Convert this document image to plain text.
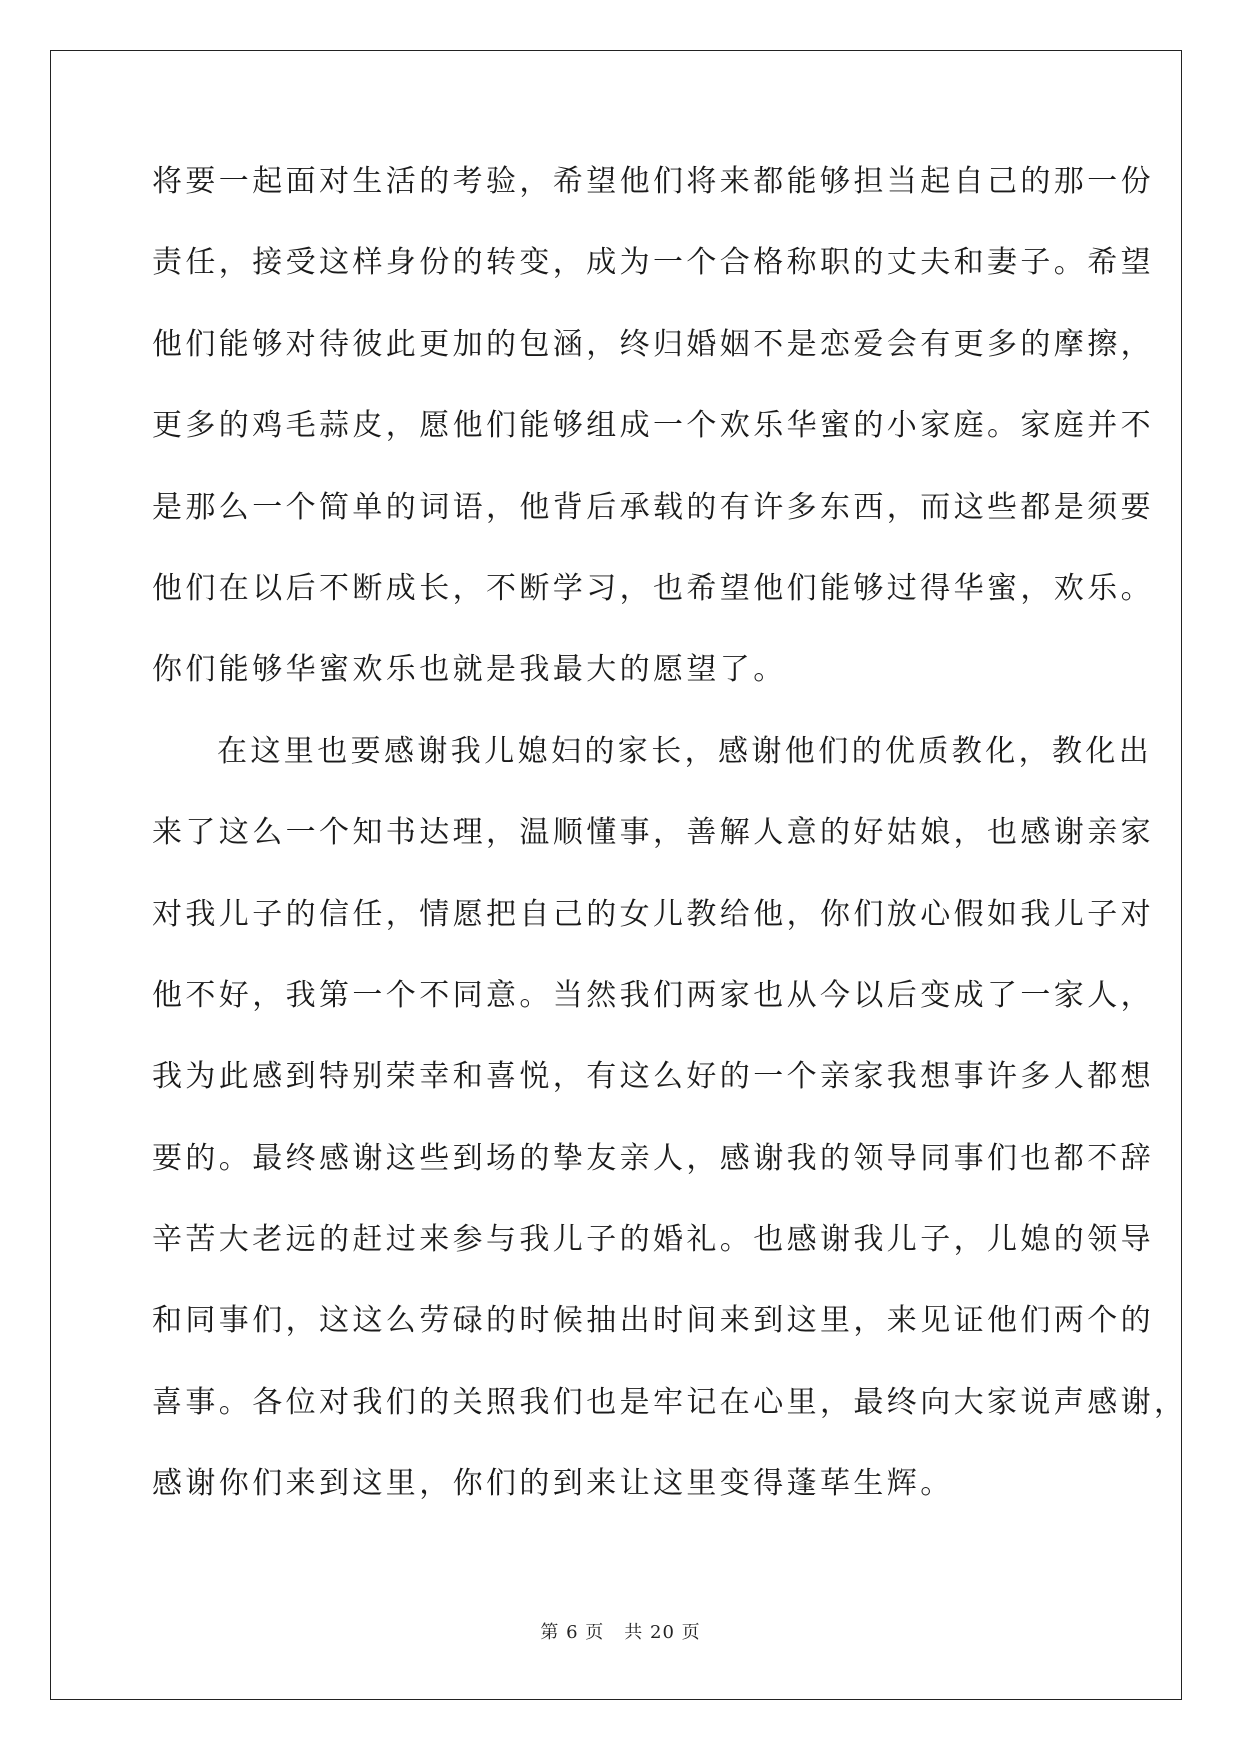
将要一起面对生活的考验，希望他们将来都能够担当起自己的那一份
责任，接受这样身份的转变，成为一个合格称职的丈夫和妻子。希望
他们能够对待彼此更加的包涵，终归婚姻不是恋爱会有更多的摩擦，
更多的鸡毛蒜皮，愿他们能够组成一个欢乐华蜜的小家庭。家庭并不
是那么一个简单的词语，他背后承载的有许多东西，而这些都是须要
他们在以后不断成长，不断学习，也希望他们能够过得华蜜，欢乐。
你们能够华蜜欢乐也就是我最大的愿望了。
在这里也要感谢我儿媳妇的家长，感谢他们的优质教化，教化出
来了这么一个知书达理，温顺懂事，善解人意的好姑娘，也感谢亲家
对我儿子的信任，情愿把自己的女儿教给他，你们放心假如我儿子对
他不好，我第一个不同意。当然我们两家也从今以后变成了一家人，
我为此感到特别荣幸和喜悦，有这么好的一个亲家我想事许多人都想
要的。最终感谢这些到场的挚友亲人，感谢我的领导同事们也都不辞
辛苦大老远的赶过来参与我儿子的婚礼。也感谢我儿子，儿媳的领导
和同事们，这这么劳碌的时候抽出时间来到这里，来见证他们两个的
喜事。各位对我们的关照我们也是牢记在心里，最终向大家说声感谢，
感谢你们来到这里，你们的到来让这里变得蓬荜生辉。
第 6 页 共 20 页
